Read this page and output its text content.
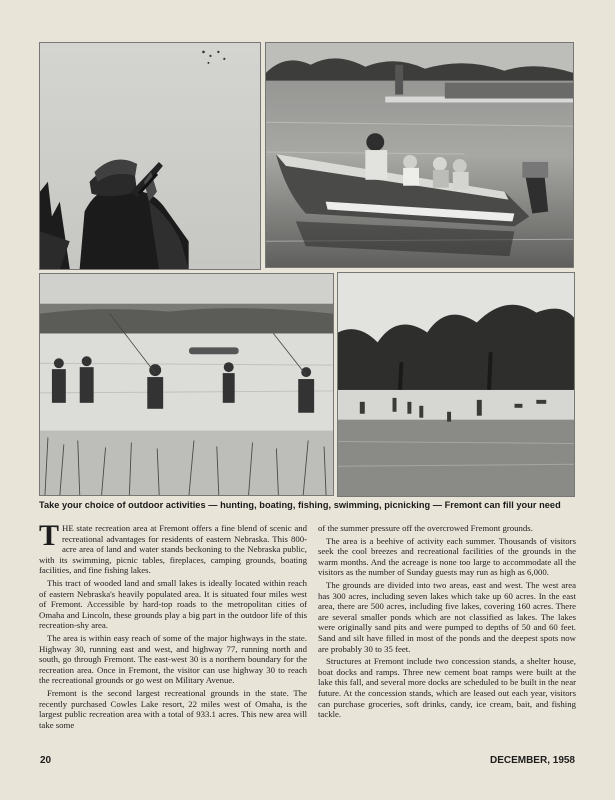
Take your choice of outdoor activities — hunting, boating, fishing, swimming, picnicking — Fremont can fill your need

THE state recreation area at Fremont offers a fine blend of scenic and recreational advantages for residents of eastern Nebraska. This 800-acre area of land and water stands beckoning to the Nebraska public, with its swimming, picnic tables, fireplaces, camping grounds, boating facilities, and fine fishing lakes.

This tract of wooded land and small lakes is ideally located within reach of eastern Nebraska's heavily populated area. It is situated four miles west of Fremont. Accessible by hard-top roads to the metropolitan cities of Omaha and Lincoln, these grounds play a big part in the outdoor life of this recreation-shy area.

The area is within easy reach of some of the major highways in the state. Highway 30, running east and west, and highway 77, running north and south, go through Fremont. The east-west 30 is a northern boundary for the recreation area. Once in Fremont, the visitor can use highway 30 to reach the recreational grounds or go west on Military Avenue.

Fremont is the second largest recreational grounds in the state. The recently purchased Cowles Lake resort, 22 miles west of Omaha, is the largest public recreation area with a total of 933.1 acres. This new area will take some

of the summer pressure off the overcrowed Fremont grounds.

The area is a beehive of activity each summer. Thousands of visitors seek the cool breezes and recreational facilities of the grounds in the warm months. And the acreage is none too large to accommodate all the visitors as the number of Sunday guests may run as high as 6,000.

The grounds are divided into two areas, east and west. The west area has 300 acres, including seven lakes which take up 60 acres. In the east area, there are 500 acres, including five lakes, covering 160 acres. There are several smaller ponds which are not classified as lakes. The lakes were originally sand pits and were pumped to depths of 50 and 60 feet. Sand and silt have filled in most of the ponds and the deepest spots now are probably 30 to 35 feet.

Structures at Fremont include two concession stands, a shelter house, boat docks and ramps. Three new cement boat ramps were built at the lake this fall, and several more docks are scheduled to be built in the near future. At the concession stands, which are leased out each year, visitors can purchase groceries, soft drinks, candy, ice cream, bait, and fishing tackle.

20	DECEMBER, 1958
